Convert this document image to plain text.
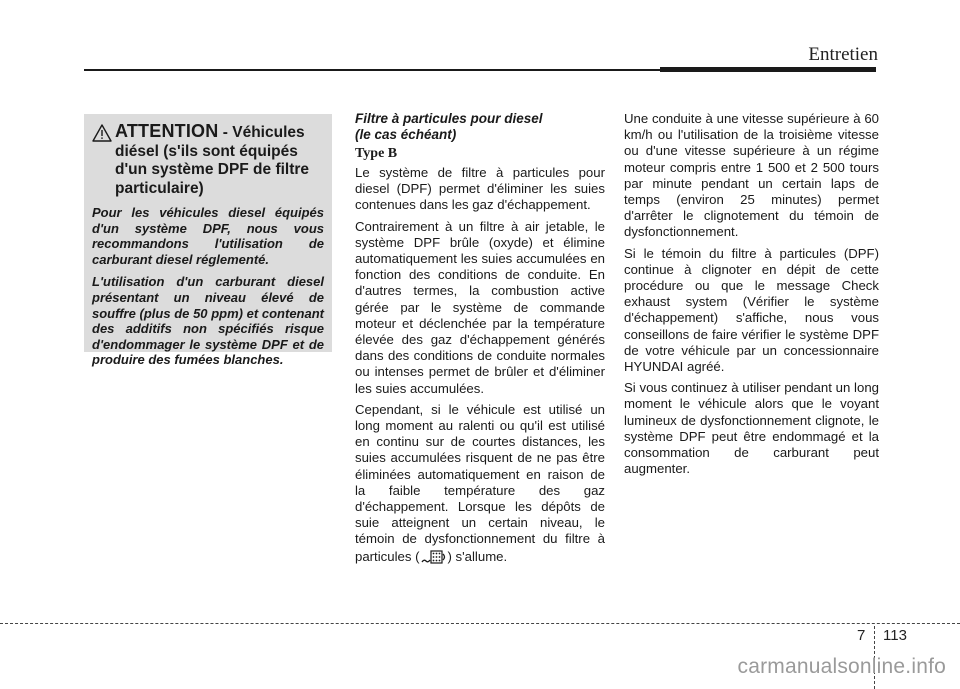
Entretien
ATTENTION - Véhicules diésel (s'ils sont équipés d'un système DPF de filtre particulaire)

Pour les véhicules diesel équipés d'un système DPF, nous vous recommandons l'utilisation de carburant diesel réglementé.

L'utilisation d'un carburant diesel présentant un niveau élevé de souffre (plus de 50 ppm) et contenant des additifs non spécifiés risque d'endommager le système DPF et de produire des fumées blanches.

Filtre à particules pour diesel
(le cas échéant)

Type B

Le système de filtre à particules pour diesel (DPF) permet d'éliminer les suies contenues dans les gaz d'échappement.

Contrairement à un filtre à air jetable, le système DPF brûle (oxyde) et élimine automatiquement les suies accumulées en fonction des conditions de conduite. En d'autres termes, la combustion active gérée par le système de commande moteur et déclenchée par la température élevée des gaz d'échappement générés dans des conditions de conduite normales ou intenses permet de brûler et d'éliminer les suies accumulées.

Cependant, si le véhicule est utilisé un long moment au ralenti ou qu'il est utilisé en continu sur de courtes distances, les suies accumulées risquent de ne pas être éliminées automatiquement en raison de la faible température des gaz d'échappement. Lorsque les dépôts de suie atteignent un certain niveau, le témoin de dysfonctionnement du filtre à particules ( ) s'allume.

Une conduite à une vitesse supérieure à 60 km/h ou l'utilisation de la troisième vitesse ou d'une vitesse supérieure à un régime moteur compris entre 1 500 et 2 500 tours par minute pendant un certain laps de temps (environ 25 minutes) permet d'arrêter le clignotement du témoin de dysfonctionnement.

Si le témoin du filtre à particules (DPF) continue à clignoter en dépit de cette procédure ou que le message Check exhaust system (Vérifier le système d'échappement) s'affiche, nous vous conseillons de faire vérifier le système DPF de votre véhicule par un concessionnaire HYUNDAI agréé.

Si vous continuez à utiliser pendant un long moment le véhicule alors que le voyant lumineux de dysfonctionnement clignote, le système DPF peut être endommagé et la consommation de carburant peut augmenter.

7 113
carmanualsonline.info
